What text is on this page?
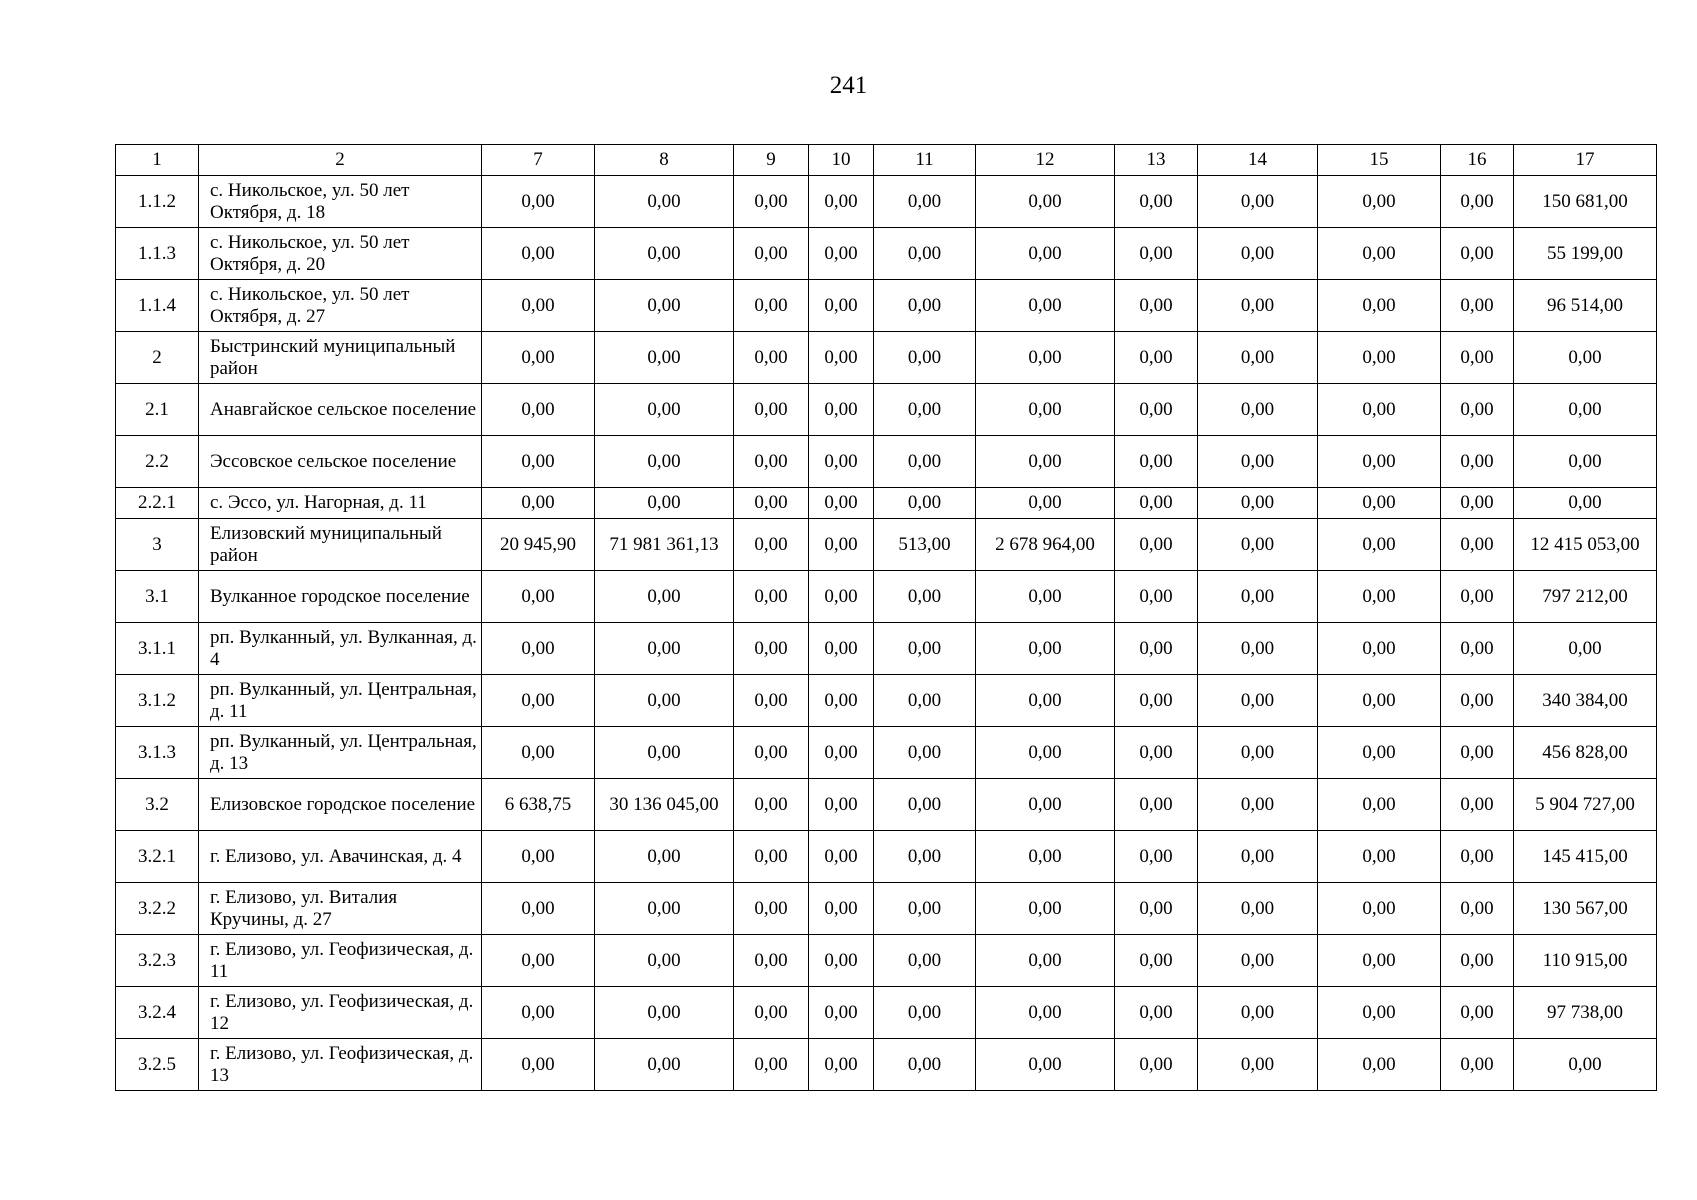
241
1	2	7	8	9	10	11	12	13	14	15	16	17
1.1.2	с. Никольское, ул. 50 лет Октября, д. 18	0,00	0,00	0,00	0,00	0,00	0,00	0,00	0,00	0,00	0,00	150 681,00
1.1.3	с. Никольское, ул. 50 лет Октября, д. 20	0,00	0,00	0,00	0,00	0,00	0,00	0,00	0,00	0,00	0,00	55 199,00
1.1.4	с. Никольское, ул. 50 лет Октября, д. 27	0,00	0,00	0,00	0,00	0,00	0,00	0,00	0,00	0,00	0,00	96 514,00
2	Быстринский муниципальный район	0,00	0,00	0,00	0,00	0,00	0,00	0,00	0,00	0,00	0,00	0,00
2.1	Анавгайское сельское поселение	0,00	0,00	0,00	0,00	0,00	0,00	0,00	0,00	0,00	0,00	0,00
2.2	Эссовское сельское поселение	0,00	0,00	0,00	0,00	0,00	0,00	0,00	0,00	0,00	0,00	0,00
2.2.1	с. Эссо, ул. Нагорная, д. 11	0,00	0,00	0,00	0,00	0,00	0,00	0,00	0,00	0,00	0,00	0,00
3	Елизовский муниципальный район	20 945,90	71 981 361,13	0,00	0,00	513,00	2 678 964,00	0,00	0,00	0,00	0,00	12 415 053,00
3.1	Вулканное городское поселение	0,00	0,00	0,00	0,00	0,00	0,00	0,00	0,00	0,00	0,00	797 212,00
3.1.1	рп. Вулканный, ул. Вулканная, д. 4	0,00	0,00	0,00	0,00	0,00	0,00	0,00	0,00	0,00	0,00	0,00
3.1.2	рп. Вулканный, ул. Центральная, д. 11	0,00	0,00	0,00	0,00	0,00	0,00	0,00	0,00	0,00	0,00	340 384,00
3.1.3	рп. Вулканный, ул. Центральная, д. 13	0,00	0,00	0,00	0,00	0,00	0,00	0,00	0,00	0,00	0,00	456 828,00
3.2	Елизовское городское поселение	6 638,75	30 136 045,00	0,00	0,00	0,00	0,00	0,00	0,00	0,00	0,00	5 904 727,00
3.2.1	г. Елизово, ул. Авачинская, д. 4	0,00	0,00	0,00	0,00	0,00	0,00	0,00	0,00	0,00	0,00	145 415,00
3.2.2	г. Елизово, ул. Виталия Кручины, д. 27	0,00	0,00	0,00	0,00	0,00	0,00	0,00	0,00	0,00	0,00	130 567,00
3.2.3	г. Елизово, ул. Геофизическая, д. 11	0,00	0,00	0,00	0,00	0,00	0,00	0,00	0,00	0,00	0,00	110 915,00
3.2.4	г. Елизово, ул. Геофизическая, д. 12	0,00	0,00	0,00	0,00	0,00	0,00	0,00	0,00	0,00	0,00	97 738,00
3.2.5	г. Елизово, ул. Геофизическая, д. 13	0,00	0,00	0,00	0,00	0,00	0,00	0,00	0,00	0,00	0,00	0,00
